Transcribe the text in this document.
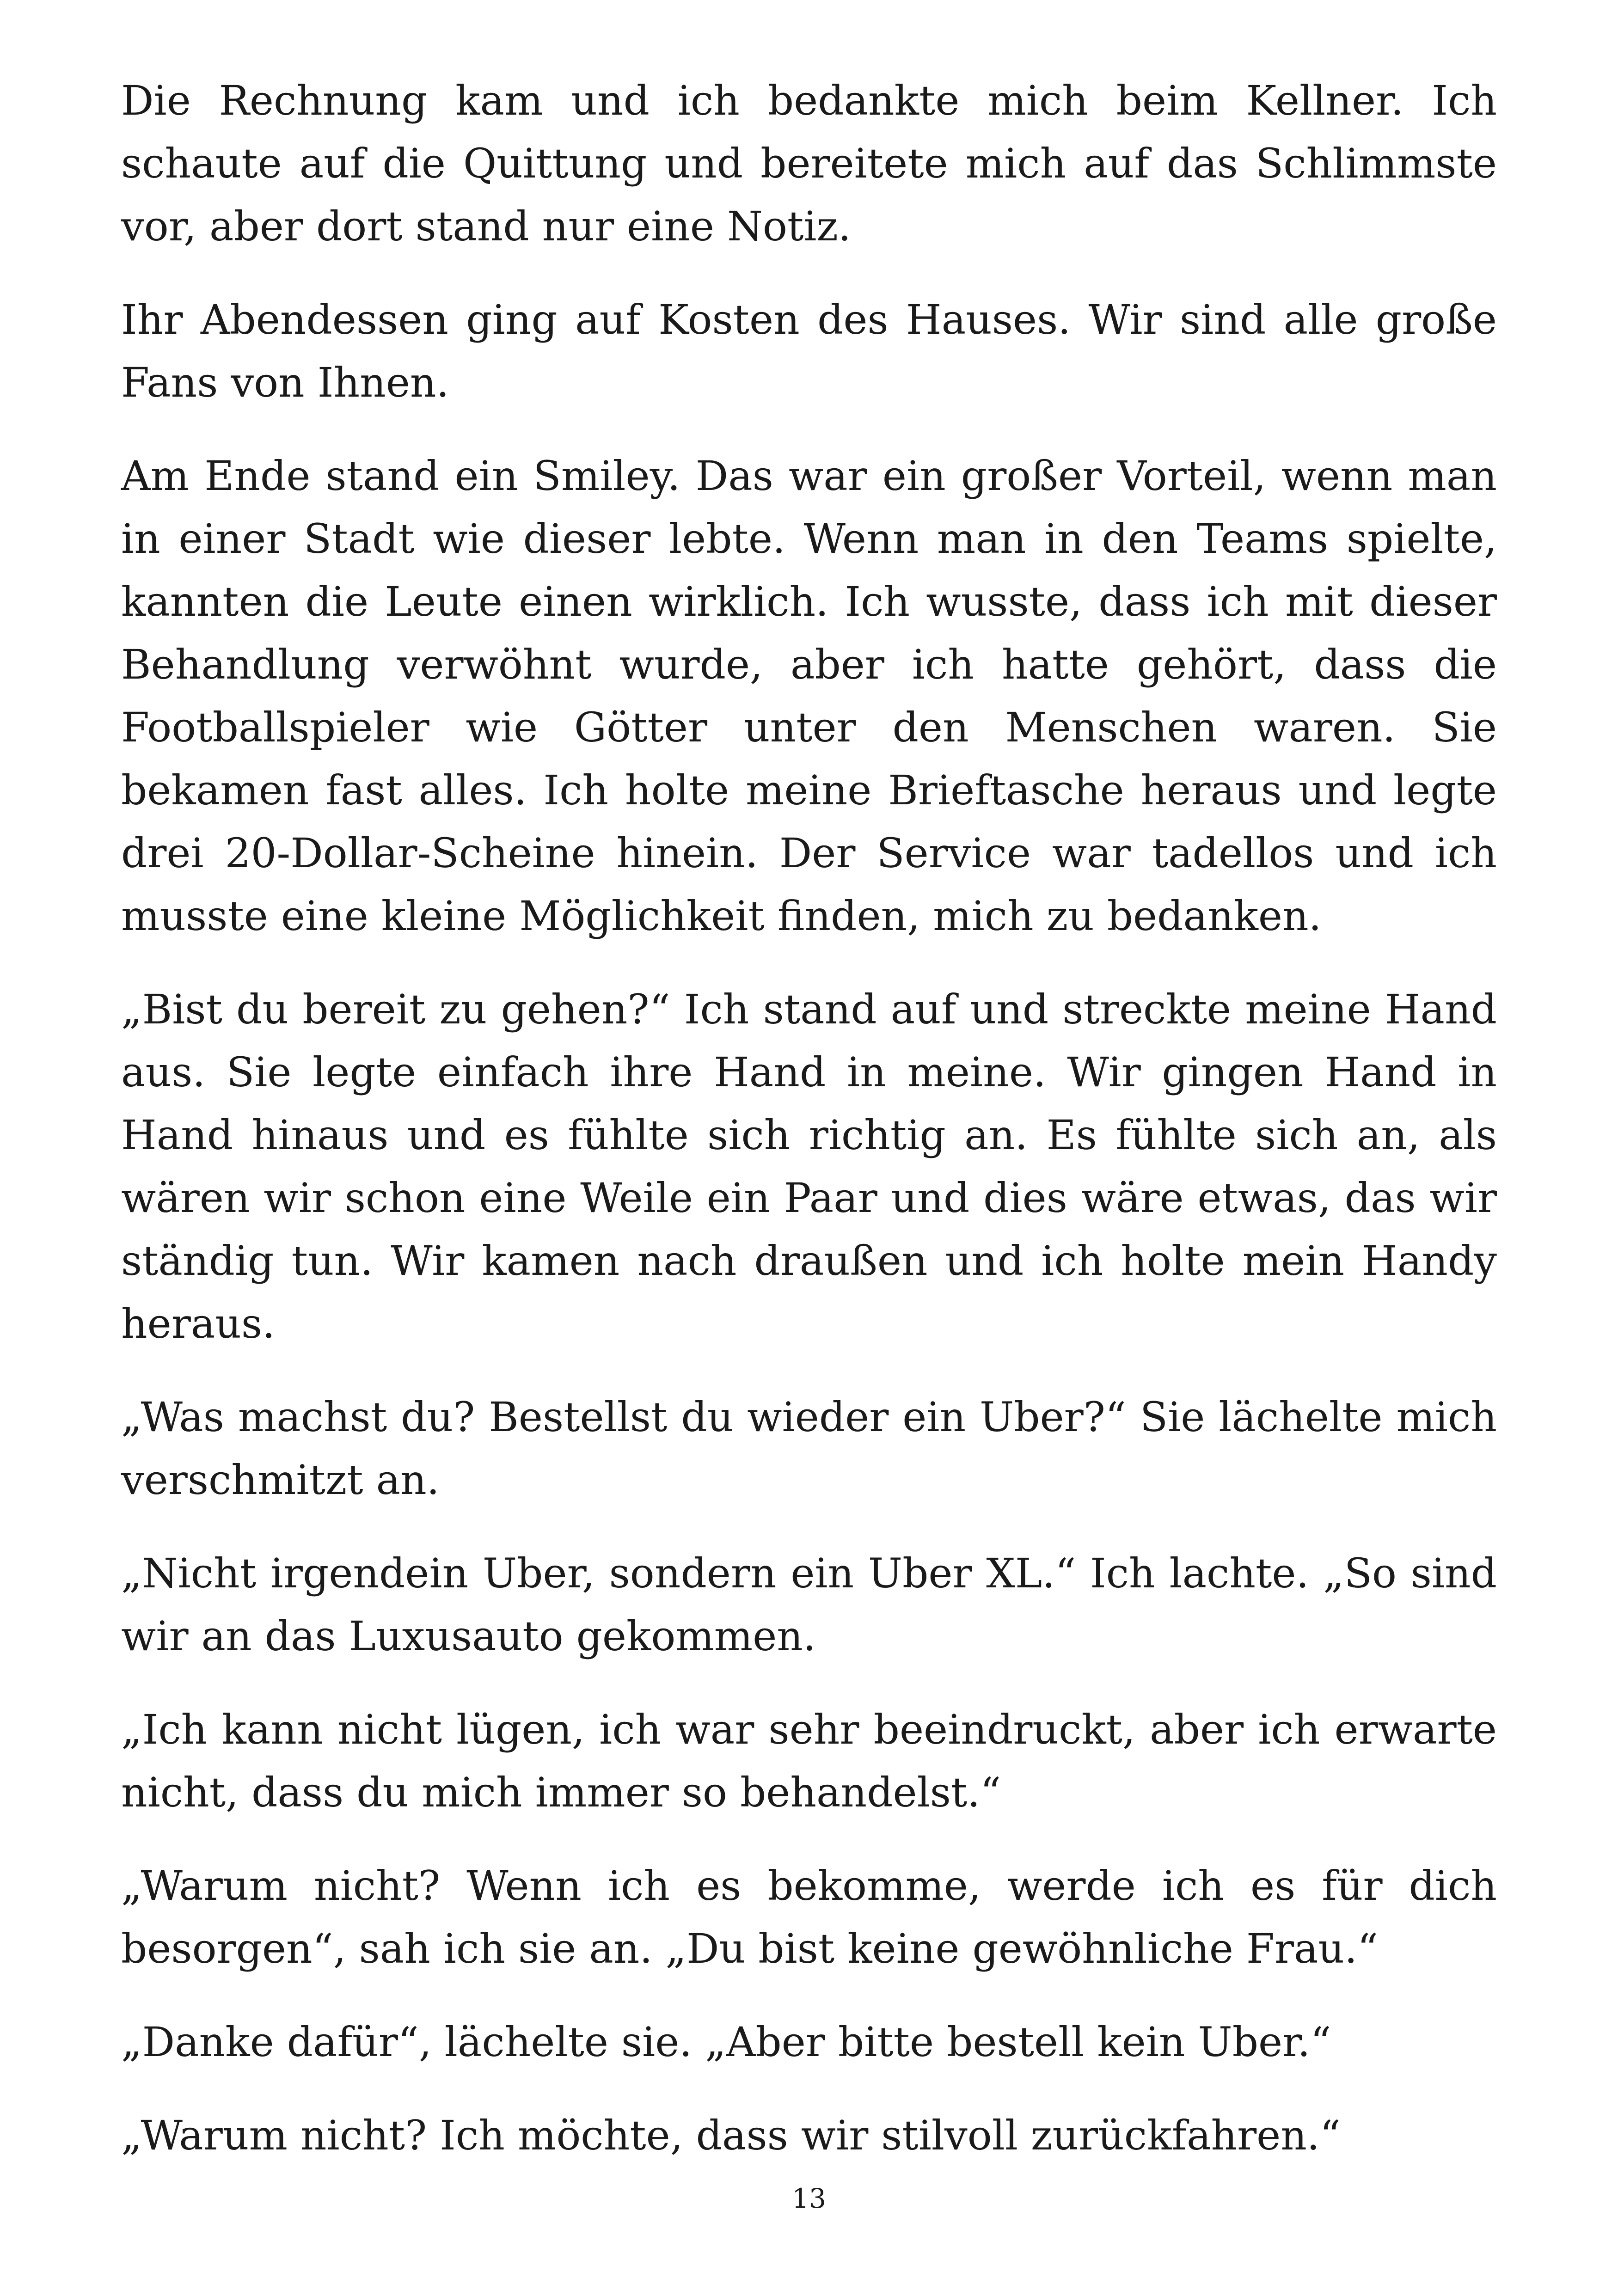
Die Rechnung kam und ich bedankte mich beim Kellner. Ich schaute auf die Quittung und bereitete mich auf das Schlimmste vor, aber dort stand nur eine Notiz.

Ihr Abendessen ging auf Kosten des Hauses. Wir sind alle große Fans von Ihnen.

Am Ende stand ein Smiley. Das war ein großer Vorteil, wenn man in einer Stadt wie dieser lebte. Wenn man in den Teams spielte, kannten die Leute einen wirklich. Ich wusste, dass ich mit dieser Behandlung verwöhnt wurde, aber ich hatte gehört, dass die Footballspieler wie Götter unter den Menschen waren. Sie bekamen fast alles. Ich holte meine Brieftasche heraus und legte drei 20-Dollar-Scheine hinein. Der Service war tadellos und ich musste eine kleine Möglichkeit finden, mich zu bedanken.

„Bist du bereit zu gehen?“ Ich stand auf und streckte meine Hand aus. Sie legte einfach ihre Hand in meine. Wir gingen Hand in Hand hinaus und es fühlte sich richtig an. Es fühlte sich an, als wären wir schon eine Weile ein Paar und dies wäre etwas, das wir ständig tun. Wir kamen nach draußen und ich holte mein Handy heraus.

„Was machst du? Bestellst du wieder ein Uber?“ Sie lächelte mich verschmitzt an.

„Nicht irgendein Uber, sondern ein Uber XL.“ Ich lachte. „So sind wir an das Luxusauto gekommen.

„Ich kann nicht lügen, ich war sehr beeindruckt, aber ich erwarte nicht, dass du mich immer so behandelst.“

„Warum nicht? Wenn ich es bekomme, werde ich es für dich besorgen“, sah ich sie an. „Du bist keine gewöhnliche Frau.“

„Danke dafür“, lächelte sie. „Aber bitte bestell kein Uber.“

„Warum nicht? Ich möchte, dass wir stilvoll zurückfahren.“

13
